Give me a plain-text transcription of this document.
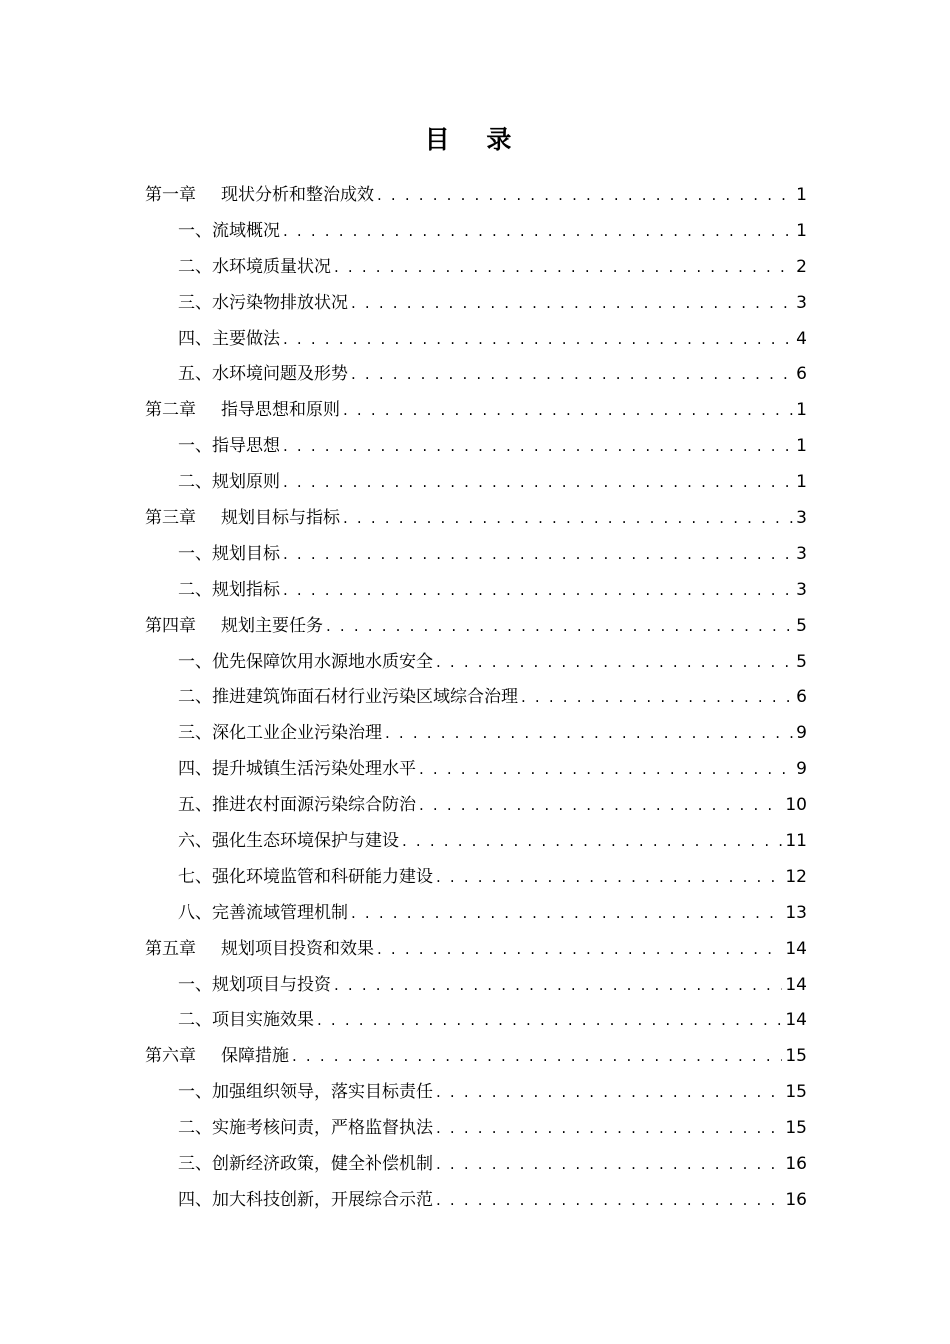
目 录
第一章 现状分析和整治成效 . . .	1
一、流域概况 . . .	1
二、水环境质量状况 . . .	2
三、水污染物排放状况 . . .	3
四、主要做法 . . .	4
五、水环境问题及形势 . . .	6
第二章 指导思想和原则 . . .	1
一、指导思想 . . .	1
二、规划原则 . . .	1
第三章 规划目标与指标 . . .	3
一、规划目标 . . .	3
二、规划指标 . . .	3
第四章 规划主要任务 . . .	5
一、优先保障饮用水源地水质安全 . . .	5
二、推进建筑饰面石材行业污染区域综合治理 . . .	6
三、深化工业企业污染治理 . . .	9
四、提升城镇生活污染处理水平 . . .	9
五、推进农村面源污染综合防治 . . .	10
六、强化生态环境保护与建设 . . .	11
七、强化环境监管和科研能力建设 . . .	12
八、完善流域管理机制 . . .	13
第五章 规划项目投资和效果 . . .	14
一、规划项目与投资 . . .	14
二、项目实施效果 . . .	14
第六章 保障措施 . . .	15
一、加强组织领导，落实目标责任 . . .	15
二、实施考核问责，严格监督执法 . . .	15
三、创新经济政策，健全补偿机制 . . .	16
四、加大科技创新，开展综合示范 . . .	16
